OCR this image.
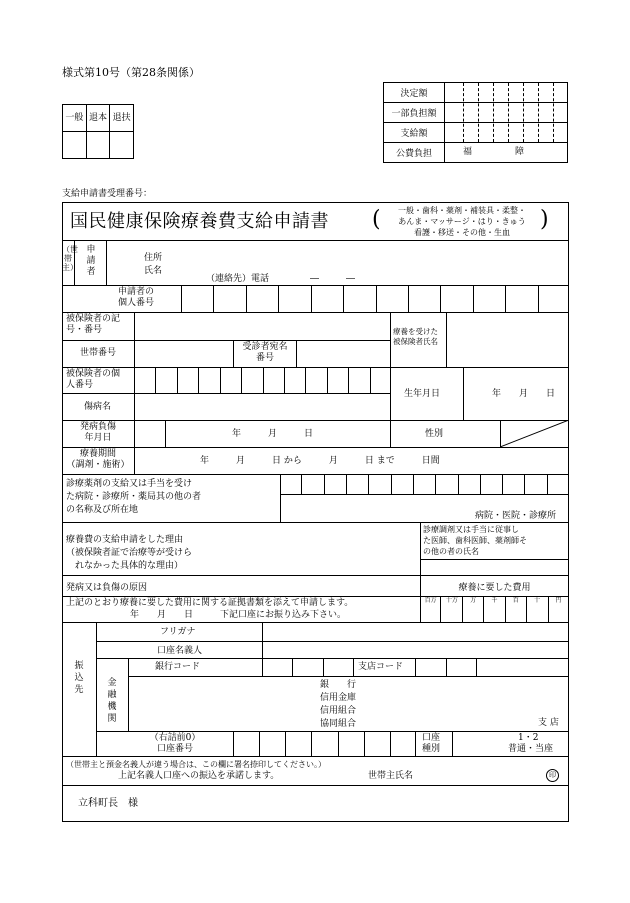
様式第10号（第28条関係）
一般	退本	退扶

決定額	
一部負担額	
支給額	
公費負担	福 障
支給申請書受理番号：
国民健康保険療養費支給申請書 (	)
一般・歯科・薬剤・補装具・柔整・
あんま・マッサージ・はり・きゅう
看護・移送・その他・生血
（世帯主）
申請者
住所
氏名
（連絡先）電話	―　　　―
申請者の
個人番号
被保険者の記
号・番号	療養を受けた
被保険者氏名
世帯番号
受診者宛名
番号
被保険者の個
人番号
生年月日	年　　月　　日
傷病名
発病負傷
年月日	年　　　月　　　日	性別
療養期間
（調剤・施術）	年　　　月　　　日 から　　　月　　　日 まで　　　日間
診療薬剤の支給又は手当を受け
た病院・診療所・薬局其の他の者
の名称及び所在地
病院・医院・診療所
療養費の支給申請をした理由
（被保険者証で治療等が受けら
　れなかった具体的な理由）
診療調剤又は手当に従事し
た医師、歯科医師、薬剤師そ
の他の者の氏名
発病又は負傷の原因	療養に要した費用
上記のとおり療養に要した費用に関する証拠書類を添えて申請します。
年　　月　　日　　　下記口座にお振り込み下さい。
百万	十万	万	千	百	十	円
振込先
フリガナ
口座名義人
金融機関
銀行コード	支店コード
銀　　行
信用金庫
信用組合
協同組合	支 店
（右詰前0）
口座番号
口座
種別
1・2
普通・当座
（世帯主と預金名義人が違う場合は、この欄に署名捺印してください。）
上記名義人口座への振込を承諾します。	世帯主氏名	印
立科町長　様
